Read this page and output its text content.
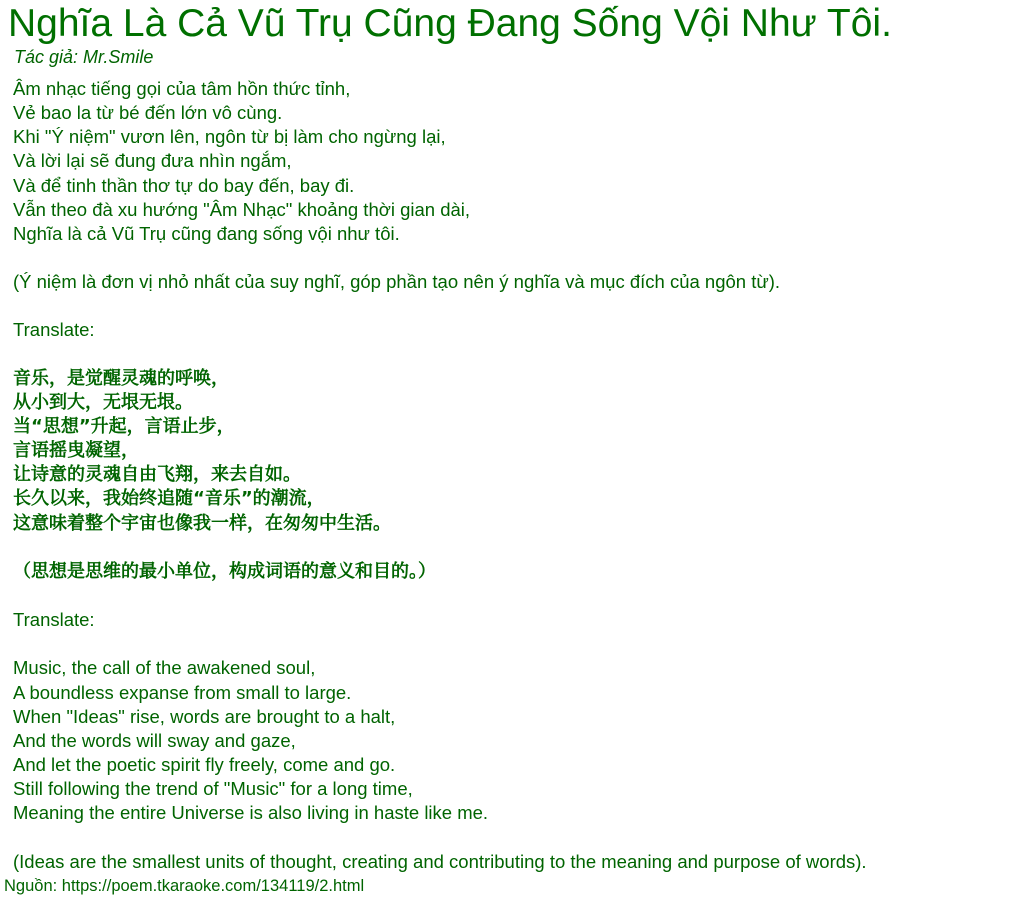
Nghĩa Là Cả Vũ Trụ Cũng Đang Sống Vội Như Tôi.
Tác giả: Mr.Smile
Âm nhạc tiếng gọi của tâm hồn thức tỉnh,
Vẻ bao la từ bé đến lớn vô cùng.
Khi "Ý niệm" vươn lên, ngôn từ bị làm cho ngừng lại,
Và lời lại sẽ đung đưa nhìn ngắm,
Và để tinh thần thơ tự do bay đến, bay đi.
Vẫn theo đà xu hướng "Âm Nhạc" khoảng thời gian dài,
Nghĩa là cả Vũ Trụ cũng đang sống vội như tôi.
(Ý niệm là đơn vị nhỏ nhất của suy nghĩ, góp phần tạo nên ý nghĩa và mục đích của ngôn từ).
Translate:
音乐，是觉醒灵魂的呼唤，
从小到大，无垠无垠。
当“思想”升起，言语止步，
言语摇曳凝望，
让诗意的灵魂自由飞翔，来去自如。
长久以来，我始终追随“音乐”的潮流，
这意味着整个宇宙也像我一样，在匆匆中生活。
（思想是思维的最小单位，构成词语的意义和目的。）
Translate:
Music, the call of the awakened soul,
A boundless expanse from small to large.
When "Ideas" rise, words are brought to a halt,
And the words will sway and gaze,
And let the poetic spirit fly freely, come and go.
Still following the trend of "Music" for a long time,
Meaning the entire Universe is also living in haste like me.
(Ideas are the smallest units of thought, creating and contributing to the meaning and purpose of words).
Nguồn: https://poem.tkaraoke.com/134119/2.html
